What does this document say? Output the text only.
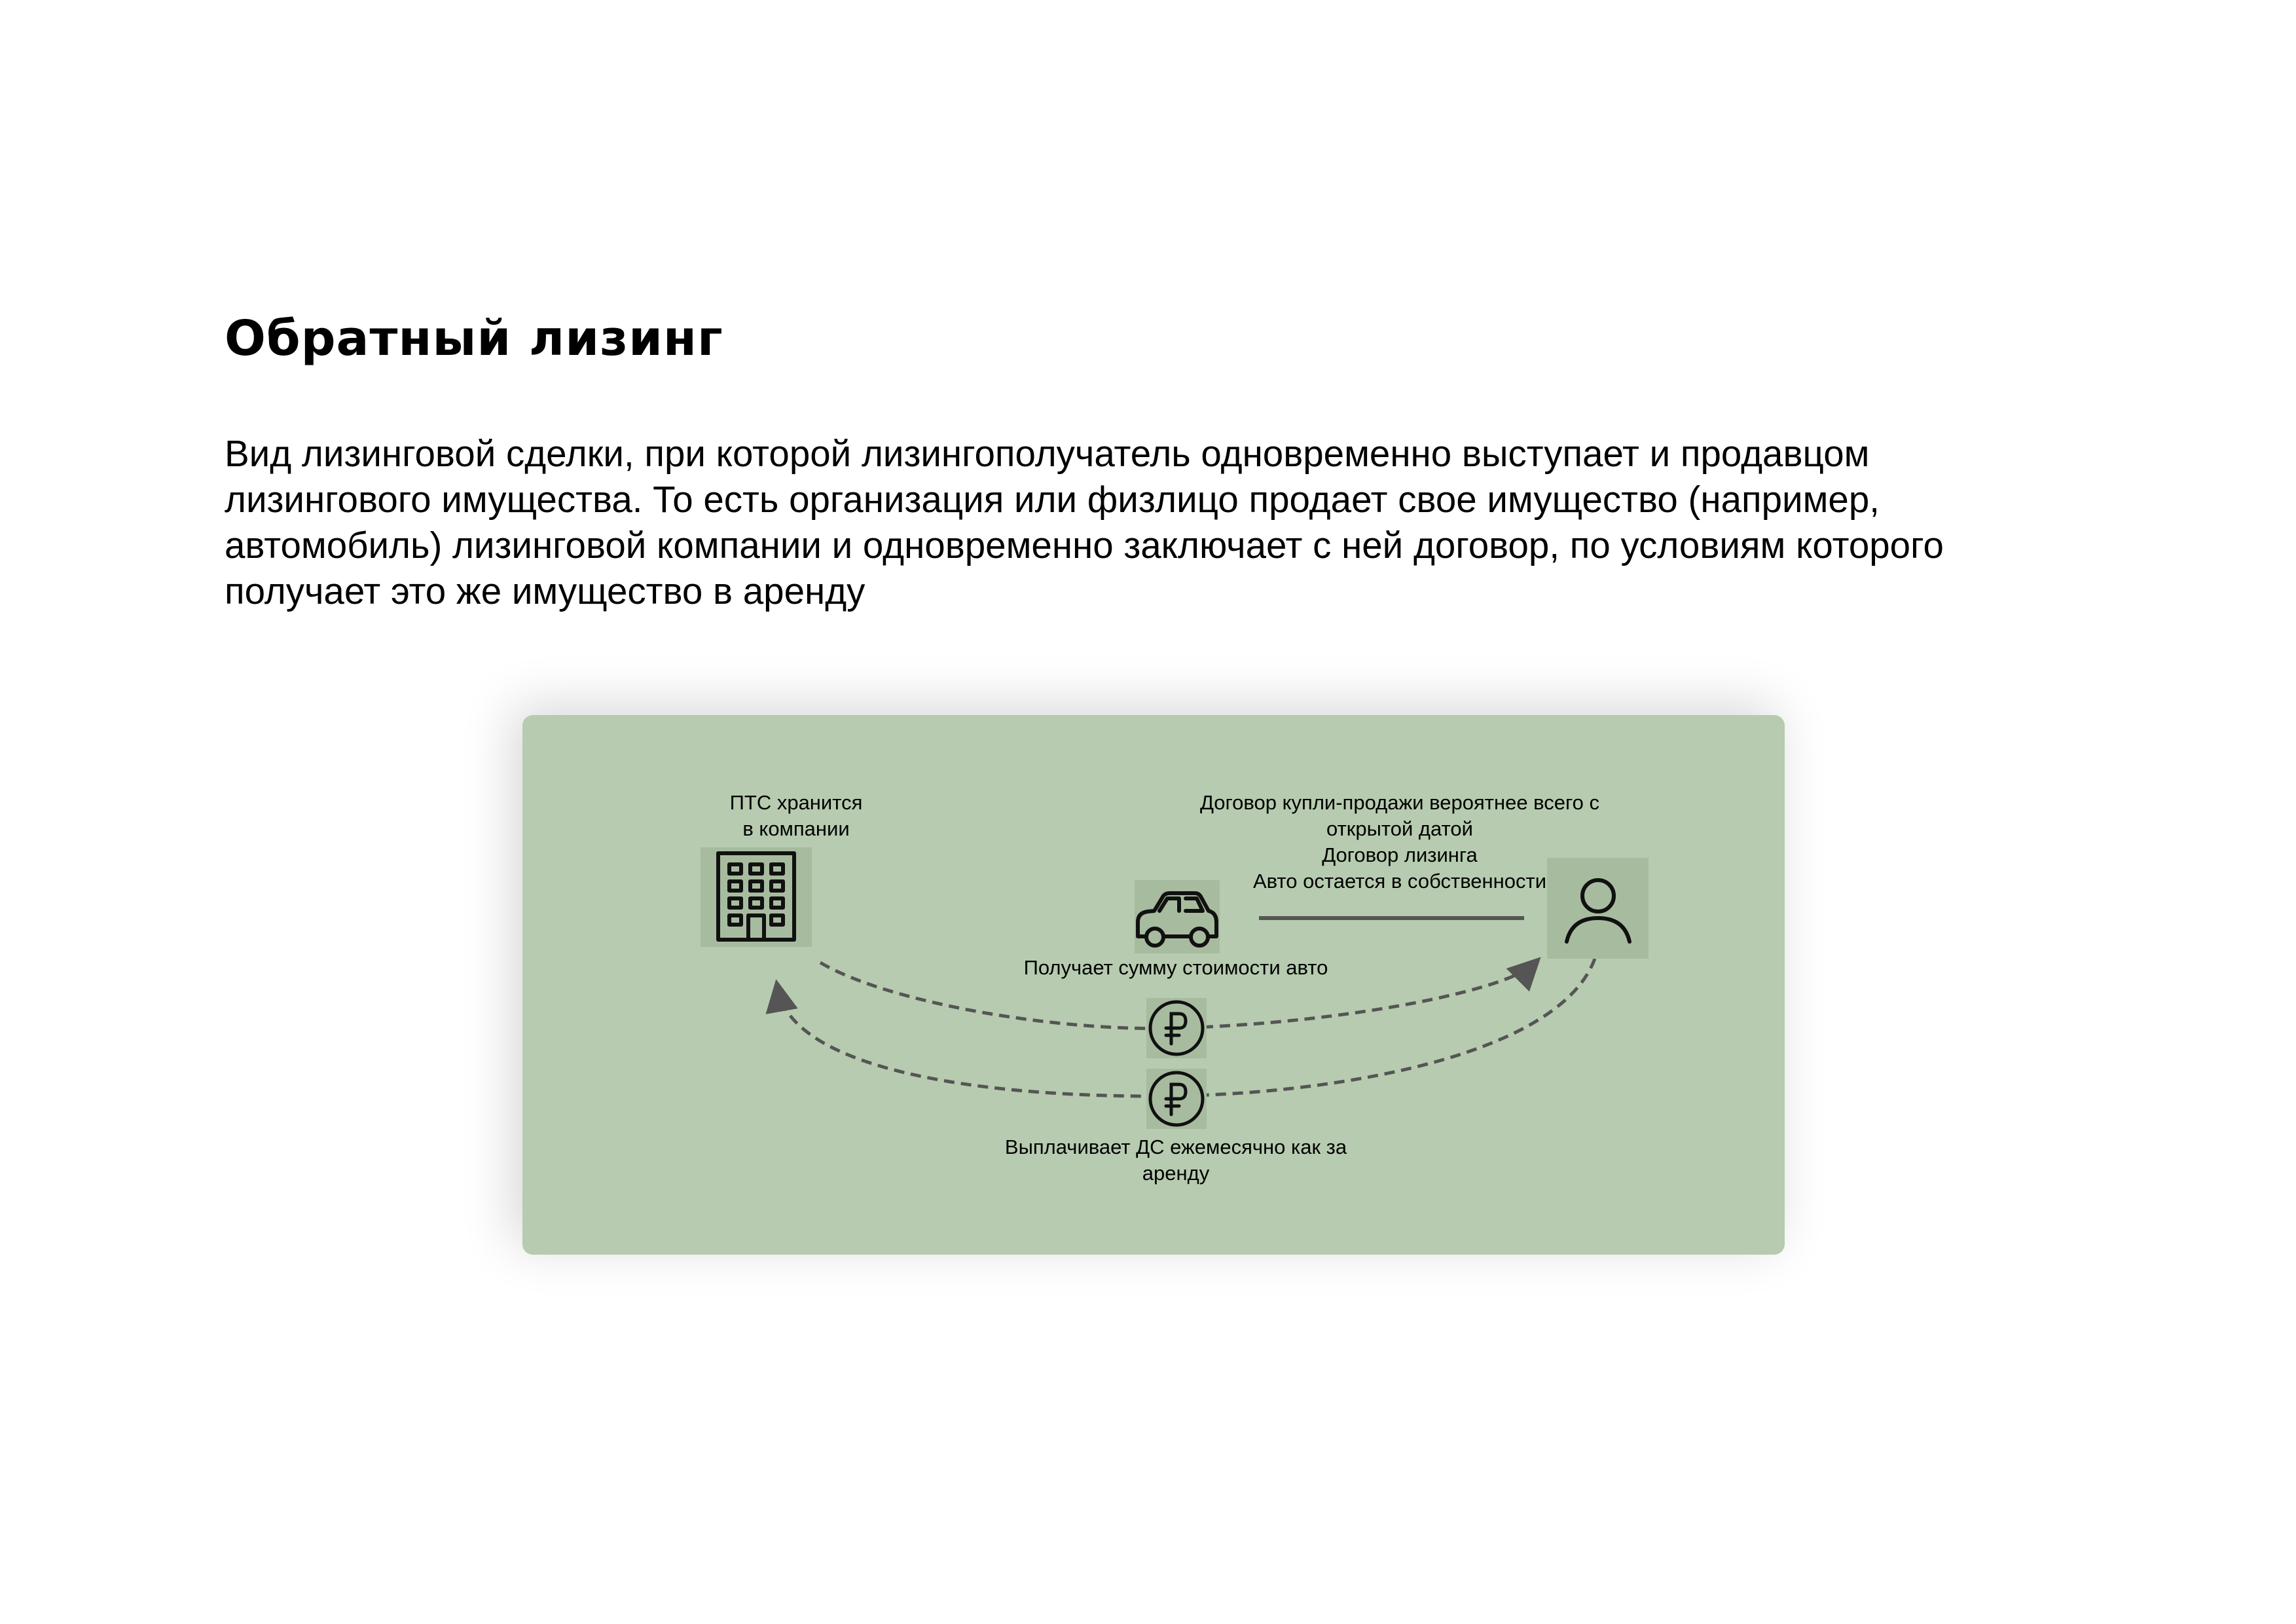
Обратный лизинг
Вид лизинговой сделки, при которой лизингополучатель одновременно выступает и продавцом
лизингового имущества. То есть организация или физлицо продает свое имущество (например,
автомобиль) лизинговой компании и одновременно заключает с ней договор, по условиям которого
получает это же имущество в аренду
ПТС хранится
в компании
Договор купли-продажи вероятнее всего с
открытой датой
Договор лизинга
Авто остается в собственности
Получает сумму стоимости авто
Выплачивает ДС ежемесячно как за
аренду
